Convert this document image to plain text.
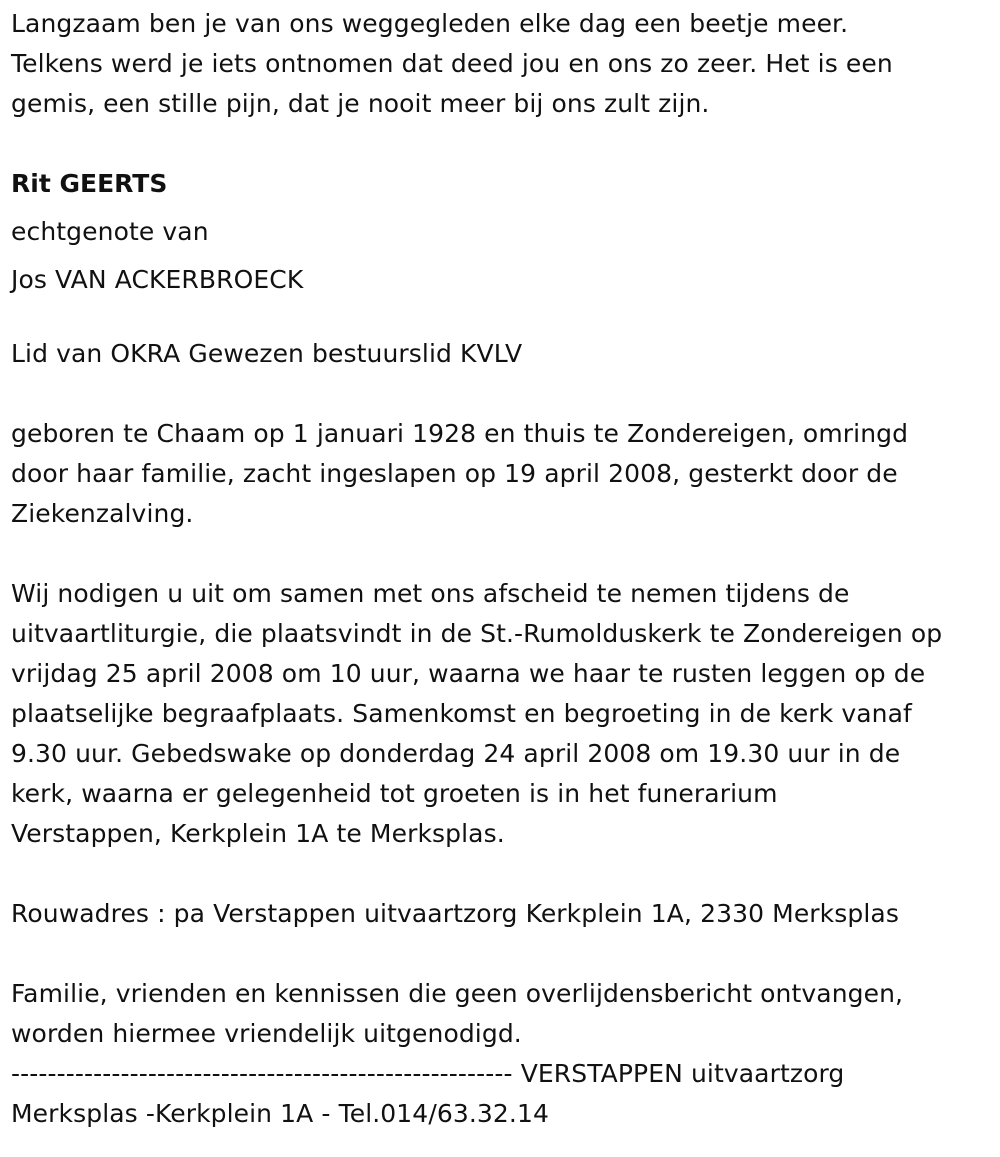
Langzaam ben je van ons weggegleden elke dag een beetje meer.

Telkens werd je iets ontnomen dat deed jou en ons zo zeer. Het is een

gemis, een stille pijn, dat je nooit meer bij ons zult zijn.

Rit GEERTS

echtgenote van

Jos VAN ACKERBROECK

Lid van OKRA Gewezen bestuurslid KVLV

geboren te Chaam op 1 januari 1928 en thuis te Zondereigen, omringd

door haar familie, zacht ingeslapen op 19 april 2008, gesterkt door de

Ziekenzalving.

Wij nodigen u uit om samen met ons afscheid te nemen tijdens de

uitvaartliturgie, die plaatsvindt in de St.-Rumolduskerk te Zondereigen op

vrijdag 25 april 2008 om 10 uur, waarna we haar te rusten leggen op de

plaatselijke begraafplaats. Samenkomst en begroeting in de kerk vanaf

9.30 uur. Gebedswake op donderdag 24 april 2008 om 19.30 uur in de

kerk, waarna er gelegenheid tot groeten is in het funerarium

Verstappen, Kerkplein 1A te Merksplas.

Rouwadres : pa Verstappen uitvaartzorg Kerkplein 1A, 2330 Merksplas

Familie, vrienden en kennissen die geen overlijdensbericht ontvangen,

worden hiermee vriendelijk uitgenodigd.

------------------------------------------------------- VERSTAPPEN uitvaartzorg

Merksplas -Kerkplein 1A - Tel.014/63.32.14
